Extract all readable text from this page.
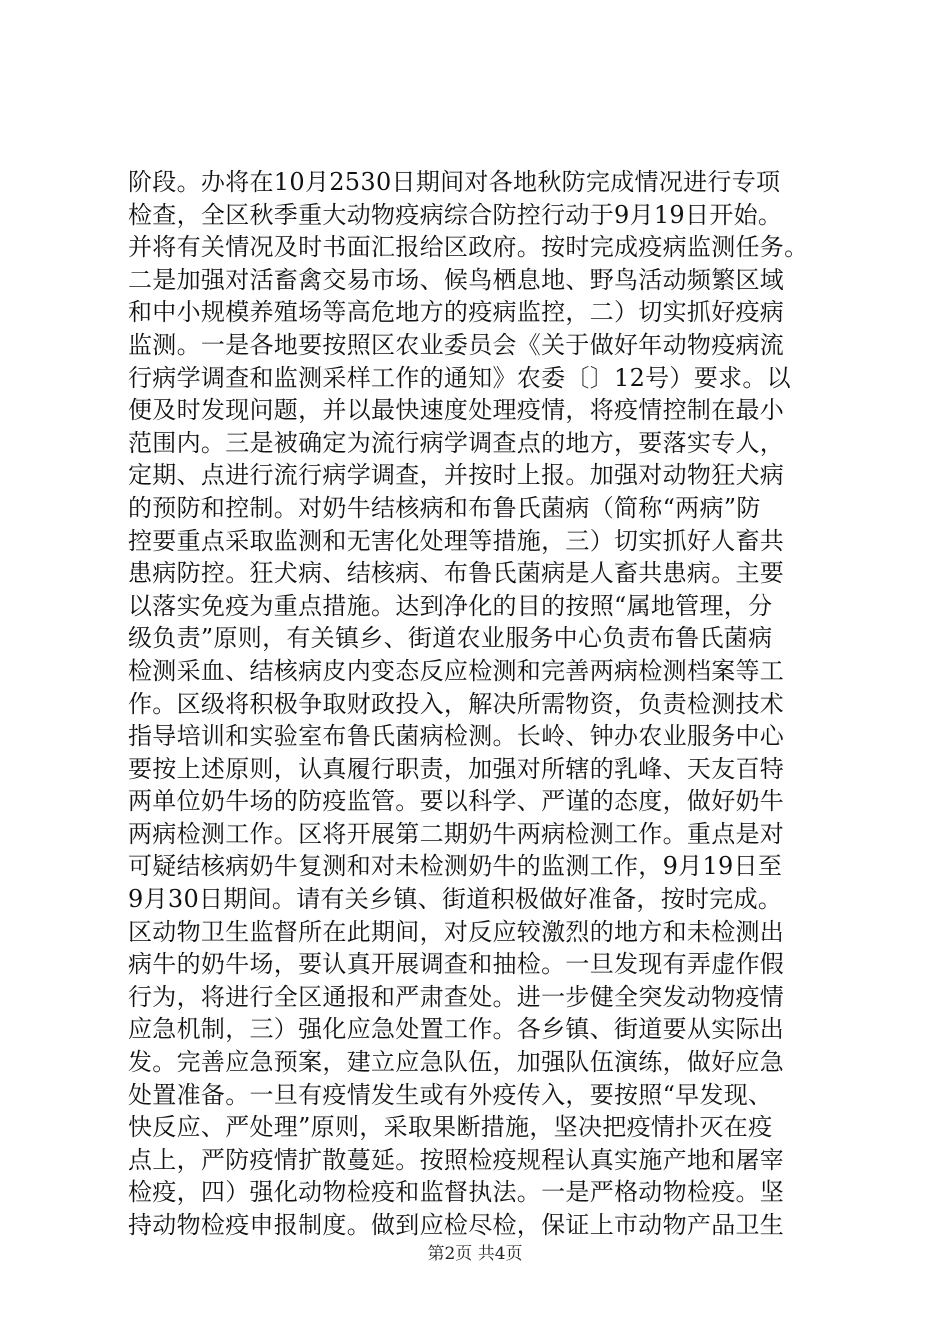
阶段。办将在10月2530日期间对各地秋防完成情况进行专项
检查，全区秋季重大动物疫病综合防控行动于9月19日开始。
并将有关情况及时书面汇报给区政府。按时完成疫病监测任务。
二是加强对活畜禽交易市场、候鸟栖息地、野鸟活动频繁区域
和中小规模养殖场等高危地方的疫病监控，二）切实抓好疫病
监测。一是各地要按照区农业委员会《关于做好年动物疫病流
行病学调查和监测采样工作的通知》农委〔〕12号）要求。以
便及时发现问题，并以最快速度处理疫情，将疫情控制在最小
范围内。三是被确定为流行病学调查点的地方，要落实专人，
定期、点进行流行病学调查，并按时上报。加强对动物狂犬病
的预防和控制。对奶牛结核病和布鲁氏菌病（简称“两病”防
控要重点采取监测和无害化处理等措施，三）切实抓好人畜共
患病防控。狂犬病、结核病、布鲁氏菌病是人畜共患病。主要
以落实免疫为重点措施。达到净化的目的按照“属地管理，分
级负责”原则，有关镇乡、街道农业服务中心负责布鲁氏菌病
检测采血、结核病皮内变态反应检测和完善两病检测档案等工
作。区级将积极争取财政投入，解决所需物资，负责检测技术
指导培训和实验室布鲁氏菌病检测。长岭、钟办农业服务中心
要按上述原则，认真履行职责，加强对所辖的乳峰、天友百特
两单位奶牛场的防疫监管。要以科学、严谨的态度，做好奶牛
两病检测工作。区将开展第二期奶牛两病检测工作。重点是对
可疑结核病奶牛复测和对未检测奶牛的监测工作，9月19日至
9月30日期间。请有关乡镇、街道积极做好准备，按时完成。
区动物卫生监督所在此期间，对反应较激烈的地方和未检测出
病牛的奶牛场，要认真开展调查和抽检。一旦发现有弄虚作假
行为，将进行全区通报和严肃查处。进一步健全突发动物疫情
应急机制，三）强化应急处置工作。各乡镇、街道要从实际出
发。完善应急预案，建立应急队伍，加强队伍演练，做好应急
处置准备。一旦有疫情发生或有外疫传入，要按照“早发现、
快反应、严处理”原则，采取果断措施，坚决把疫情扑灭在疫
点上，严防疫情扩散蔓延。按照检疫规程认真实施产地和屠宰
检疫，四）强化动物检疫和监督执法。一是严格动物检疫。坚
持动物检疫申报制度。做到应检尽检，保证上市动物产品卫生
第2页 共4页
